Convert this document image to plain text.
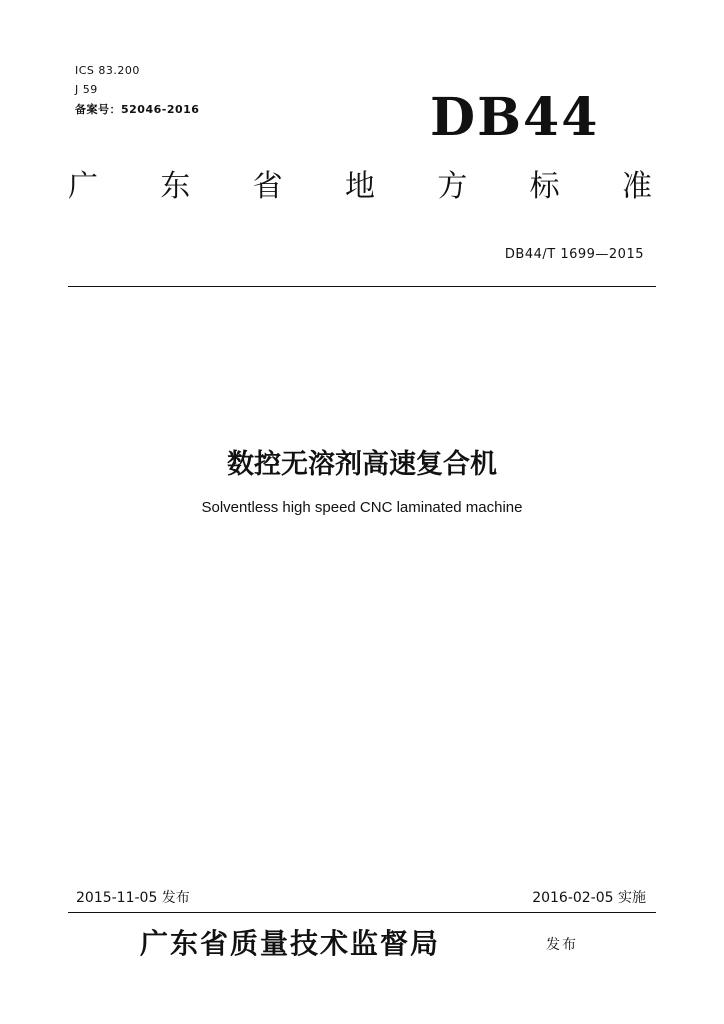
ICS 83.200
J 59
备案号：52046-2016	DB44
广 东 省 地 方 标 准
DB44/T 1699—2015
数控无溶剂高速复合机
Solventless high speed CNC laminated machine
2015-11-05 发布	2016-02-05 实施
广东省质量技术监督局	发布
